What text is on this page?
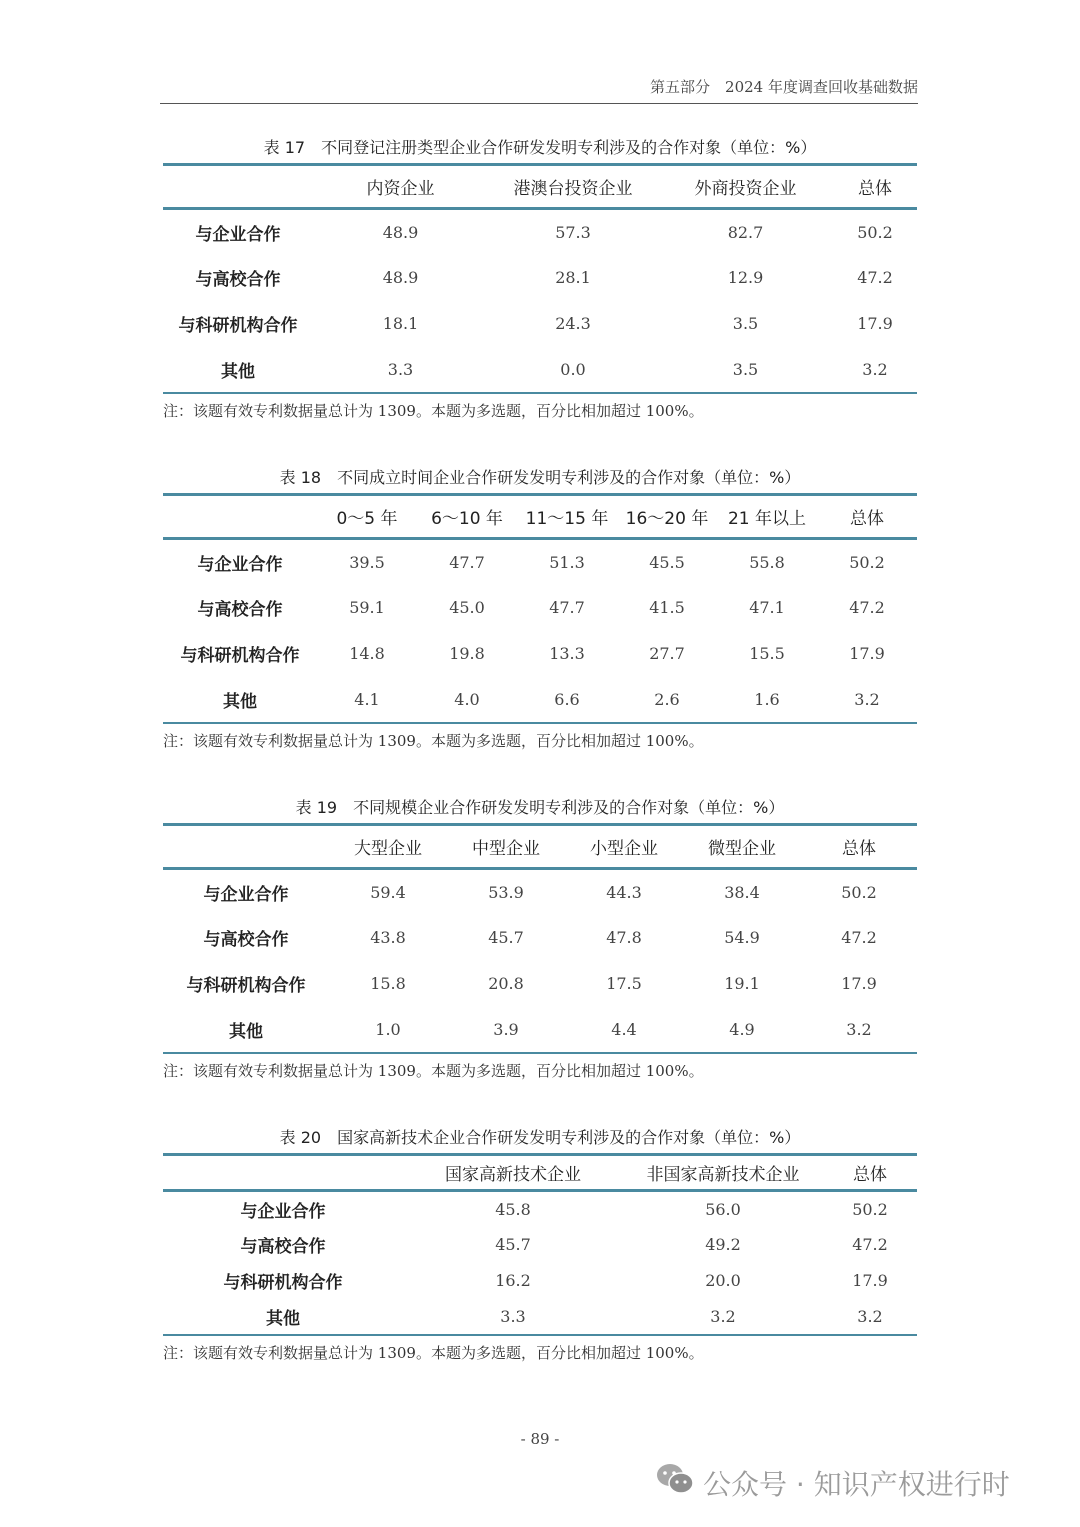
第五部分　2024 年度调查回收基础数据
表 17 不同登记注册类型企业合作研发发明专利涉及的合作对象（单位：%）
	内资企业	港澳台投资企业	外商投资企业	总体
与企业合作	48.9	57.3	82.7	50.2
与高校合作	48.9	28.1	12.9	47.2
与科研机构合作	18.1	24.3	3.5	17.9
其他	3.3	0.0	3.5	3.2
注：该题有效专利数据量总计为 1309。本题为多选题，百分比相加超过 100%。
表 18 不同成立时间企业合作研发发明专利涉及的合作对象（单位：%）
	0～5 年	6～10 年	11～15 年	16～20 年	21 年以上	总体
与企业合作	39.5	47.7	51.3	45.5	55.8	50.2
与高校合作	59.1	45.0	47.7	41.5	47.1	47.2
与科研机构合作	14.8	19.8	13.3	27.7	15.5	17.9
其他	4.1	4.0	6.6	2.6	1.6	3.2
注：该题有效专利数据量总计为 1309。本题为多选题，百分比相加超过 100%。
表 19 不同规模企业合作研发发明专利涉及的合作对象（单位：%）
	大型企业	中型企业	小型企业	微型企业	总体
与企业合作	59.4	53.9	44.3	38.4	50.2
与高校合作	43.8	45.7	47.8	54.9	47.2
与科研机构合作	15.8	20.8	17.5	19.1	17.9
其他	1.0	3.9	4.4	4.9	3.2
注：该题有效专利数据量总计为 1309。本题为多选题，百分比相加超过 100%。
表 20 国家高新技术企业合作研发发明专利涉及的合作对象（单位：%）
	国家高新技术企业	非国家高新技术企业	总体
与企业合作	45.8	56.0	50.2
与高校合作	45.7	49.2	47.2
与科研机构合作	16.2	20.0	17.9
其他	3.3	3.2	3.2
注：该题有效专利数据量总计为 1309。本题为多选题，百分比相加超过 100%。
- 89 -
公众号 · 知识产权进行时
